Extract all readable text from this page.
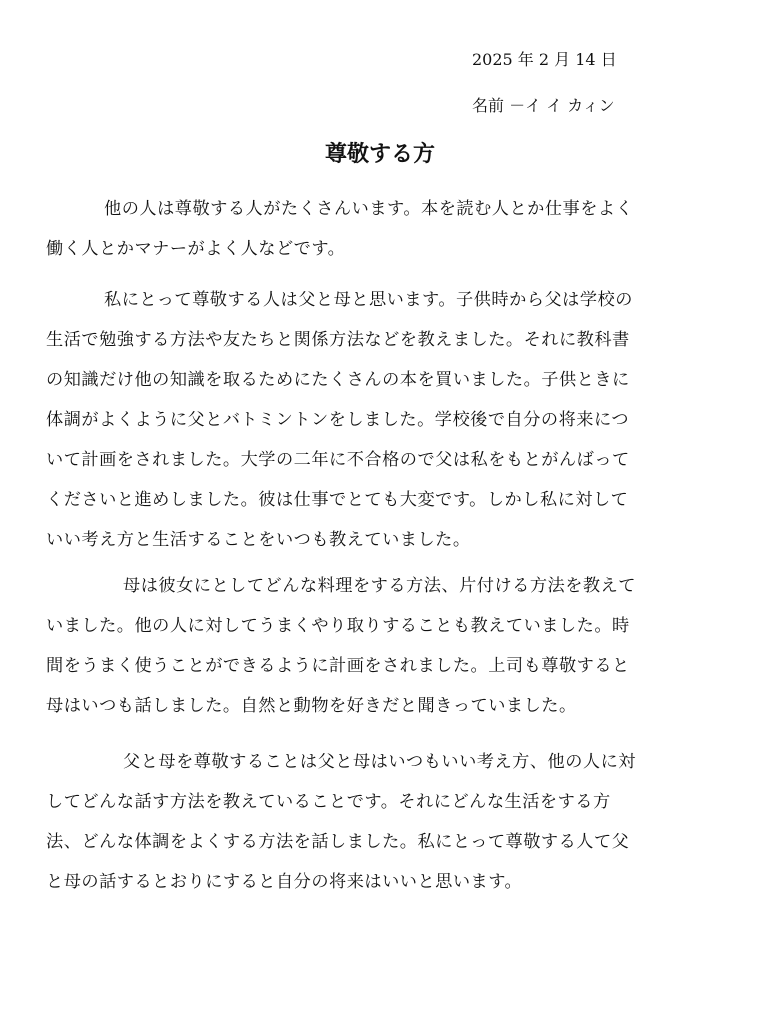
2025 年 2 月 14 日
名前 －イ イ カィン
尊敬する方

他の人は尊敬する人がたくさんいます。本を読む人とか仕事をよく
働く人とかマナーがよく人などです。

私にとって尊敬する人は父と母と思います。子供時から父は学校の
生活で勉強する方法や友たちと関係方法などを教えました。それに教科書
の知識だけ他の知識を取るためにたくさんの本を買いました。子供ときに
体調がよくように父とバトミントンをしました。学校後で自分の将来につ
いて計画をされました。大学の二年に不合格ので父は私をもとがんばって
くださいと進めしました。彼は仕事でとても大変です。しかし私に対して
いい考え方と生活することをいつも教えていました。

母は彼女にとしてどんな料理をする方法、片付ける方法を教えて
いました。他の人に対してうまくやり取りすることも教えていました。時
間をうまく使うことができるように計画をされました。上司も尊敬すると
母はいつも話しました。自然と動物を好きだと聞きっていました。

父と母を尊敬することは父と母はいつもいい考え方、他の人に対
してどんな話す方法を教えていることです。それにどんな生活をする方
法、どんな体調をよくする方法を話しました。私にとって尊敬する人て父
と母の話するとおりにすると自分の将来はいいと思います。
